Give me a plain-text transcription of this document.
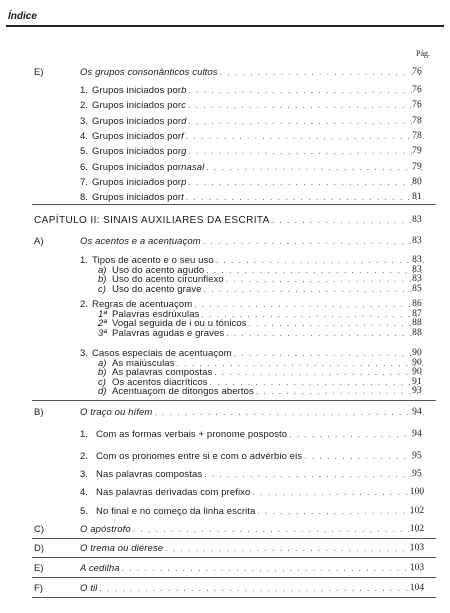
Índice
Pág.
E)	Os grupos consonânticos cultos . . .	76
1. Grupos iniciados por b . . .	76
2. Grupos iniciados por c . . .	76
3. Grupos iniciados por d . . .	78
4. Grupos iniciados por f . . .	78
5. Grupos iniciados por g . . .	79
6. Grupos iniciados por nasal . . .	79
7. Grupos iniciados por p . . .	80
8. Grupos iniciados por t . . .	81
CAPÍTULO II: SINAIS AUXILIARES DA ESCRITA . . .	83
A)	Os acentos e a acentuaçom . . .	83
1. Tipos de acento e o seu uso . . .	83
a) Uso do acento agudo . . .	83
b) Uso do acento circunflexo . . .	83
c) Uso do acento grave . . .	85
2. Regras de acentuaçom . . .	86
1ª Palavras esdrúxulas . . .	87
2ª Vogal seguida de i ou u tónicos . . .	88
3ª Palavras agudas e graves . . .	88
3. Casos especiais de acentuaçom . . .	90
a) As maiúsculas . . .	90
b) As palavras compostas . . .	90
c) Os acentos diacríticos . . .	91
d) Acentuaçom de ditongos abertos . . .	93
B)	O traço ou hífem . . .	94
1. Com as formas verbais + pronome posposto . . .	94
2. Com os pronomes entre si e com o advérbio eis . . .	95
3. Nas palavras compostas . . .	95
4. Nas palavras derivadas com prefixo . . .	100
5. No final e no começo da linha escrita . . .	102
C)	O apóstrofo . . .	102
D)	O trema ou diérese . . .	103
E)	A cedilha . . .	103
F)	O til . . .	104
